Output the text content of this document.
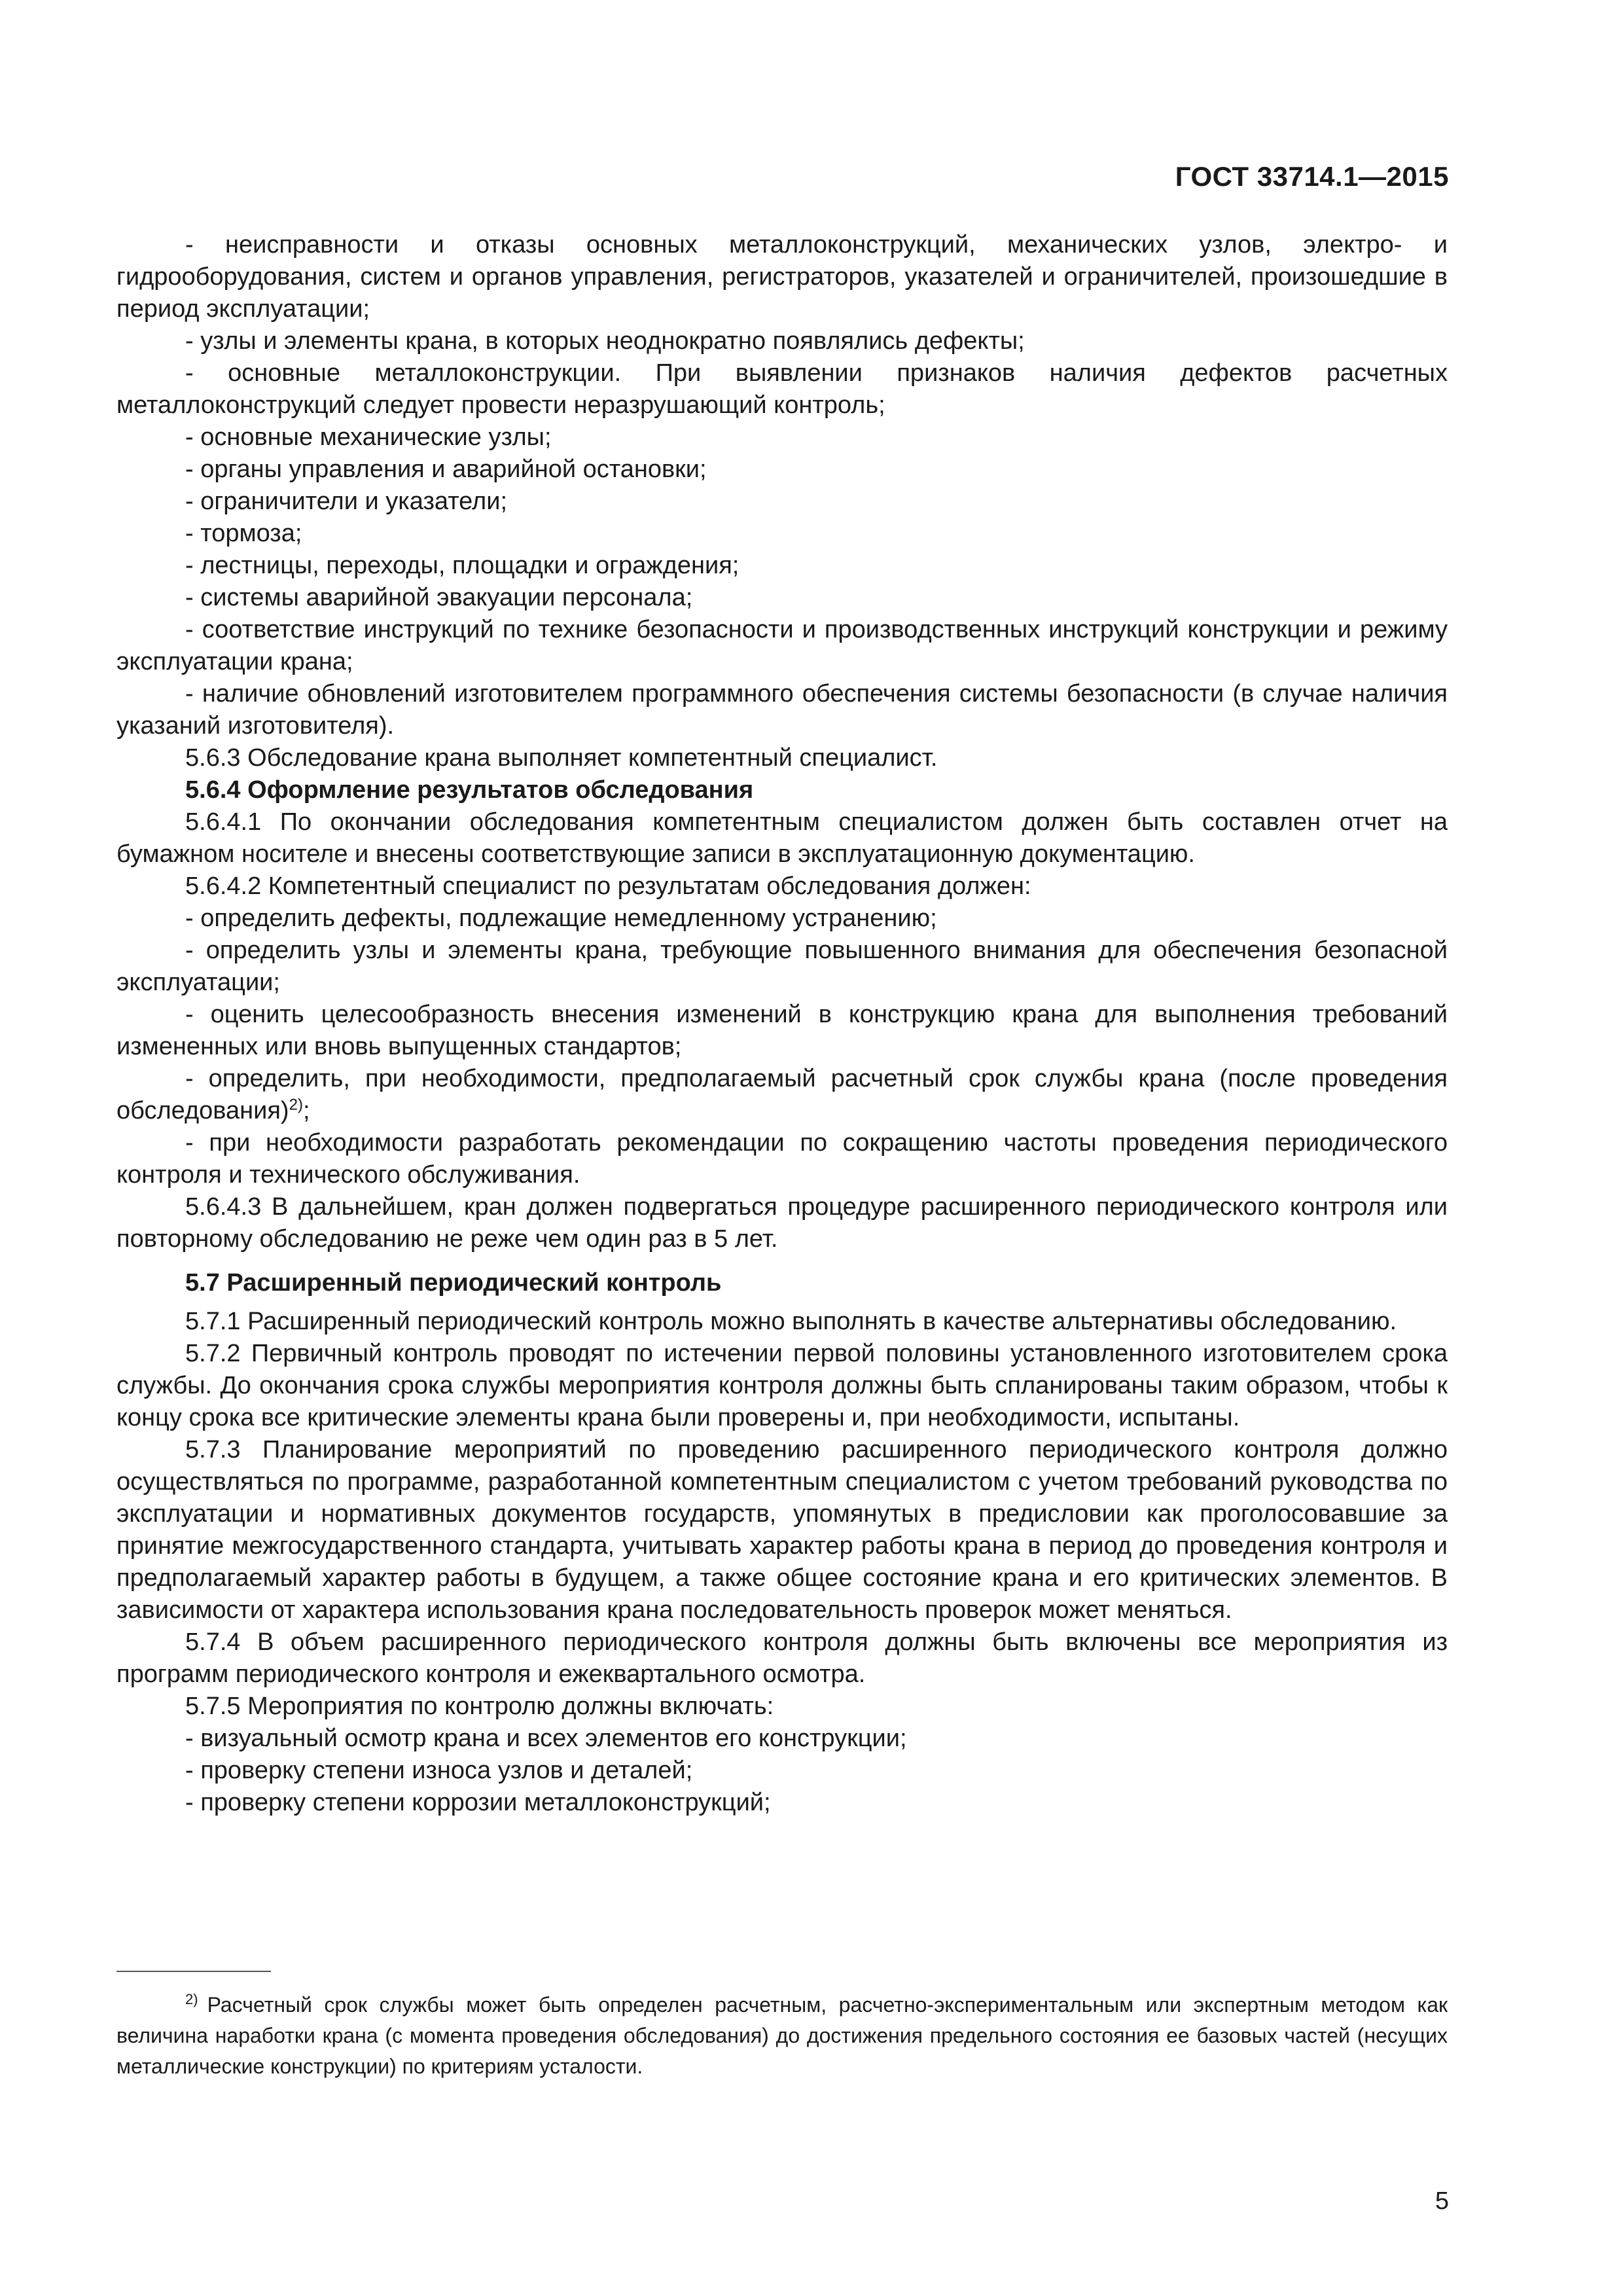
ГОСТ 33714.1—2015

- неисправности и отказы основных металлоконструкций, механических узлов, электро- и гидрооборудования, систем и органов управления, регистраторов, указателей и ограничителей, произошедшие в период эксплуатации;

- узлы и элементы крана, в которых неоднократно появлялись дефекты;

- основные металлоконструкции. При выявлении признаков наличия дефектов расчетных металлоконструкций следует провести неразрушающий контроль;

- основные механические узлы;

- органы управления и аварийной остановки;

- ограничители и указатели;

- тормоза;

- лестницы, переходы, площадки и ограждения;

- системы аварийной эвакуации персонала;

- соответствие инструкций по технике безопасности и производственных инструкций конструкции и режиму эксплуатации крана;

- наличие обновлений изготовителем программного обеспечения системы безопасности (в случае наличия указаний изготовителя).

5.6.3 Обследование крана выполняет компетентный специалист.

5.6.4 Оформление результатов обследования

5.6.4.1 По окончании обследования компетентным специалистом должен быть составлен отчет на бумажном носителе и внесены соответствующие записи в эксплуатационную документацию.

5.6.4.2 Компетентный специалист по результатам обследования должен:

- определить дефекты, подлежащие немедленному устранению;

- определить узлы и элементы крана, требующие повышенного внимания для обеспечения безопасной эксплуатации;

- оценить целесообразность внесения изменений в конструкцию крана для выполнения требований измененных или вновь выпущенных стандартов;

- определить, при необходимости, предполагаемый расчетный срок службы крана (после проведения обследования)$^{2)}$;

- при необходимости разработать рекомендации по сокращению частоты проведения периодического контроля и технического обслуживания.

5.6.4.3 В дальнейшем, кран должен подвергаться процедуре расширенного периодического контроля или повторному обследованию не реже чем один раз в 5 лет.

5.7 Расширенный периодический контроль

5.7.1 Расширенный периодический контроль можно выполнять в качестве альтернативы обследованию.

5.7.2 Первичный контроль проводят по истечении первой половины установленного изготовителем срока службы. До окончания срока службы мероприятия контроля должны быть спланированы таким образом, чтобы к концу срока все критические элементы крана были проверены и, при необходимости, испытаны.

5.7.3 Планирование мероприятий по проведению расширенного периодического контроля должно осуществляться по программе, разработанной компетентным специалистом с учетом требований руководства по эксплуатации и нормативных документов государств, упомянутых в предисловии как проголосовавшие за принятие межгосударственного стандарта, учитывать характер работы крана в период до проведения контроля и предполагаемый характер работы в будущем, а также общее состояние крана и его критических элементов. В зависимости от характера использования крана последовательность проверок может меняться.

5.7.4 В объем расширенного периодического контроля должны быть включены все мероприятия из программ периодического контроля и ежеквартального осмотра.

5.7.5 Мероприятия по контролю должны включать:

- визуальный осмотр крана и всех элементов его конструкции;

- проверку степени износа узлов и деталей;

- проверку степени коррозии металлоконструкций;

$^{2)}$ Расчетный срок службы может быть определен расчетным, расчетно-экспериментальным или экспертным методом как величина наработки крана (с момента проведения обследования) до достижения предельного состояния ее базовых частей (несущих металлические конструкции) по критериям усталости.
5
